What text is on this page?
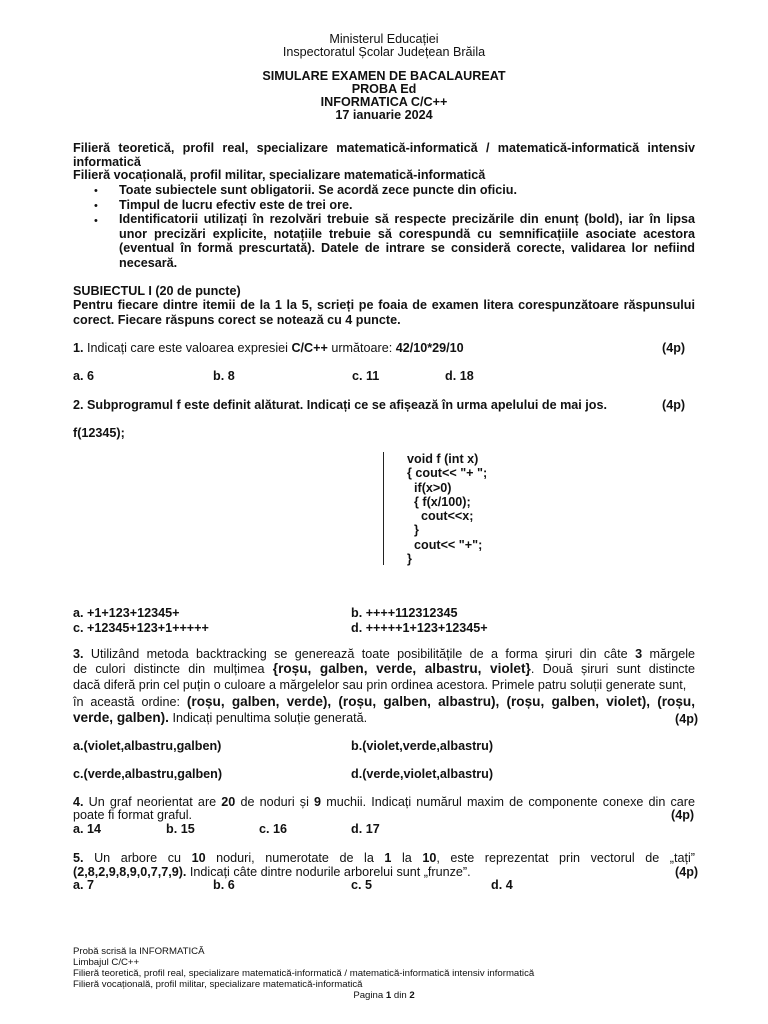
Ministerul Educației
Inspectoratul Școlar Județean Brăila
SIMULARE EXAMEN DE BACALAUREAT
PROBA Ed
INFORMATICA C/C++
17 ianuarie 2024
Filieră teoretică, profil real, specializare matematică-informatică / matematică-informatică intensiv
informatică
Filieră vocațională, profil militar, specializare matematică-informatică
• Toate subiectele sunt obligatorii. Se acordă zece puncte din oficiu.
• Timpul de lucru efectiv este de trei ore.
• Identificatorii utilizați în rezolvări trebuie să respecte precizările din enunț (bold), iar în lipsa unor precizări explicite, notațiile trebuie să corespundă cu semnificațiile asociate acestora (eventual în formă prescurtată). Datele de intrare se consideră corecte, validarea lor nefiind necesară.
SUBIECTUL I (20 de puncte)
Pentru fiecare dintre itemii de la 1 la 5, scrieți pe foaia de examen litera corespunzătoare răspunsului corect. Fiecare răspuns corect se notează cu 4 puncte.
1. Indicați care este valoarea expresiei C/C++ următoare: 42/10*29/10	(4p)
a. 6	b. 8	c. 11	d. 18
2. Subprogramul f este definit alăturat. Indicați ce se afișează în urma apelului de mai jos.	(4p)
f(12345);
void f (int x)
{ cout<< "+ ";
if(x>0)
{ f(x/100);
cout<<x;
}
cout<< "+";
}
a. +1+123+12345+	b. ++++112312345
c. +12345+123+1+++++	d. +++++1+123+12345+
3. Utilizând metoda backtracking se generează toate posibilitățile de a forma șiruri din câte 3 mărgele
de culori distincte din mulțimea {roșu, galben, verde, albastru, violet}. Două șiruri sunt distincte
dacă diferă prin cel puțin o culoare a mărgelelor sau prin ordinea acestora. Primele patru soluții generate sunt,
în această ordine: (roșu, galben, verde), (roșu, galben, albastru), (roșu, galben, violet), (roșu,
verde, galben). Indicați penultima soluție generată.	(4p)
a.(violet,albastru,galben)	b.(violet,verde,albastru)
c.(verde,albastru,galben)	d.(verde,violet,albastru)
4. Un graf neorientat are 20 de noduri și 9 muchii. Indicați numărul maxim de componente conexe din care
poate fi format graful.	(4p)
a. 14	b. 15	c. 16	d. 17
5. Un arbore cu 10 noduri, numerotate de la 1 la 10, este reprezentat prin vectorul de „tați”
(2,8,2,9,8,9,0,7,7,9). Indicați câte dintre nodurile arborelui sunt „frunze”.	(4p)
a. 7	b. 6	c. 5	d. 4
Probă scrisă la INFORMATICĂ
Limbajul C/C++
Filieră teoretică, profil real, specializare matematică-informatică / matematică-informatică intensiv informatică
Filieră vocațională, profil militar, specializare matematică-informatică
Pagina 1 din 2
